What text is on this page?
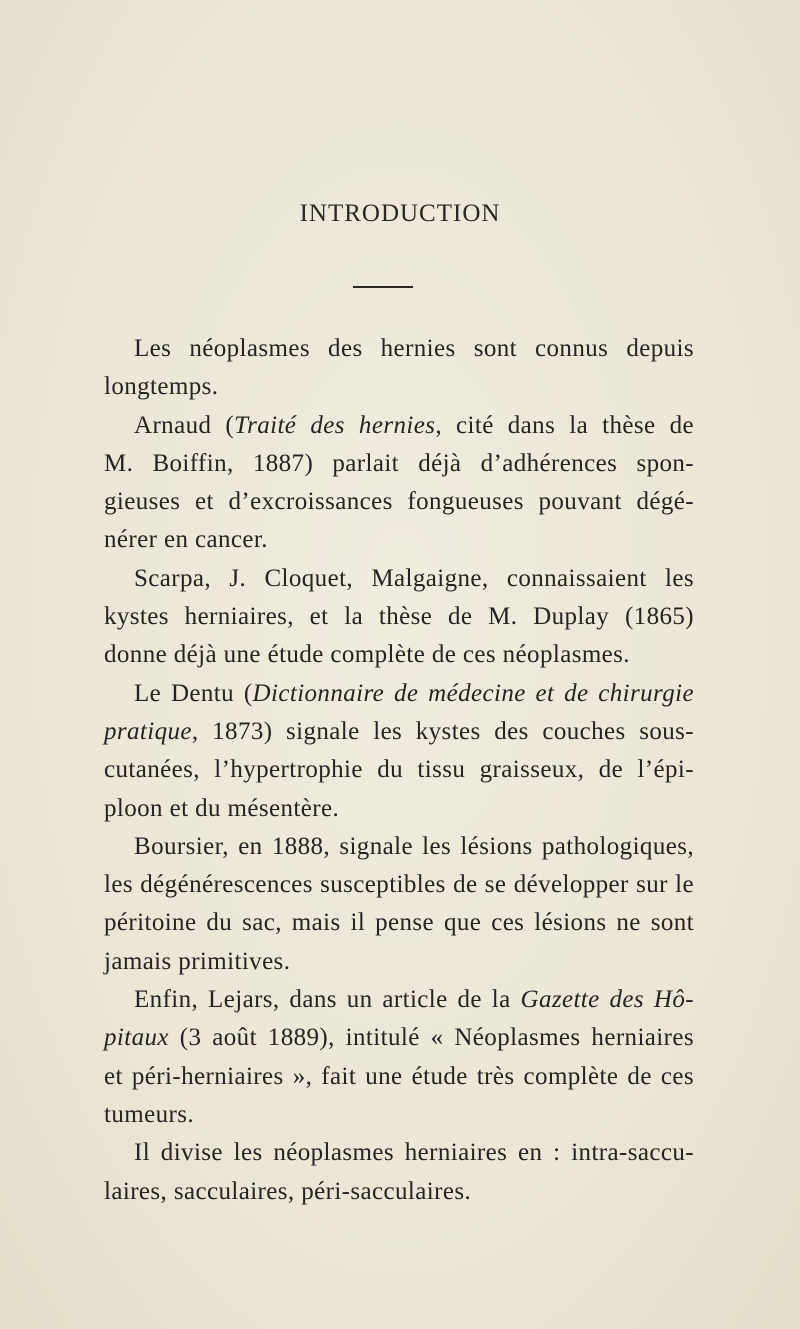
INTRODUCTION
Les néoplasmes des hernies sont connus depuis
longtemps.
Arnaud (Traité des hernies, cité dans la thèse de
M. Boiffin, 1887) parlait déjà d’adhérences spon-
gieuses et d’excroissances fongueuses pouvant dégé-
nérer en cancer.
Scarpa, J. Cloquet, Malgaigne, connaissaient les
kystes herniaires, et la thèse de M. Duplay (1865)
donne déjà une étude complète de ces néoplasmes.
Le Dentu (Dictionnaire de médecine et de chirurgie
pratique, 1873) signale les kystes des couches sous-
cutanées, l’hypertrophie du tissu graisseux, de l’épi-
ploon et du mésentère.
Boursier, en 1888, signale les lésions pathologiques,
les dégénérescences susceptibles de se développer sur le
péritoine du sac, mais il pense que ces lésions ne sont
jamais primitives.
Enfin, Lejars, dans un article de la Gazette des Hô-
pitaux (3 août 1889), intitulé « Néoplasmes herniaires
et péri-herniaires », fait une étude très complète de ces
tumeurs.
Il divise les néoplasmes herniaires en : intra-saccu-
laires, sacculaires, péri-sacculaires.
